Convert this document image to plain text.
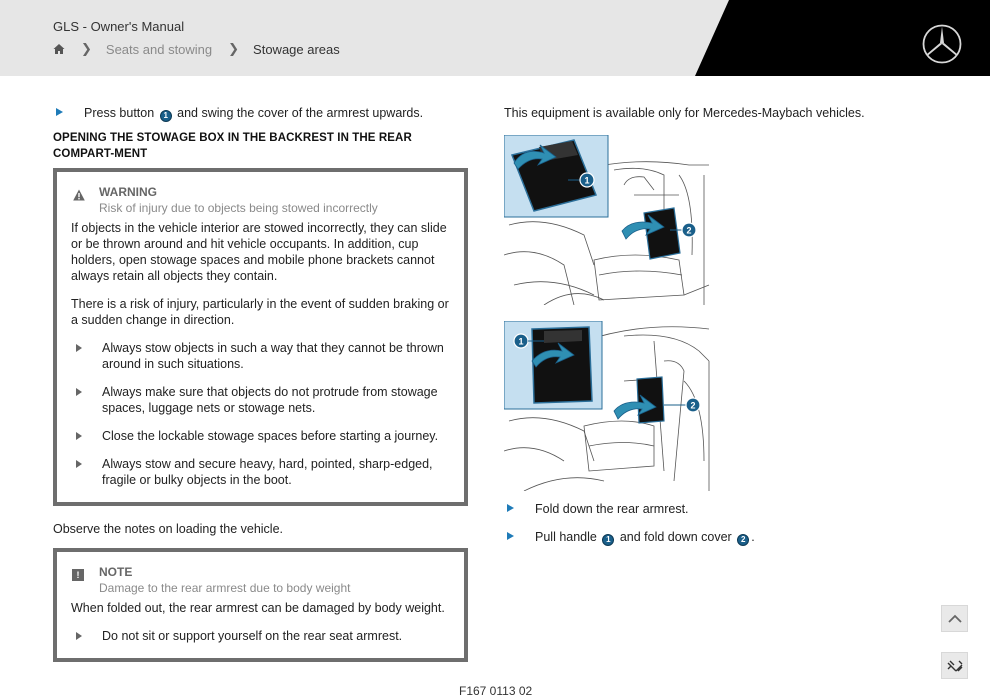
GLS - Owner's Manual
❯ Seats and stowing ❯ Stowage areas
Press button 1 and swing the cover of the armrest upwards.
OPENING THE STOWAGE BOX IN THE BACKREST IN THE REAR COMPART-MENT
WARNING
Risk of injury due to objects being stowed incorrectly
If objects in the vehicle interior are stowed incorrectly, they can slide or be thrown around and hit vehicle occupants. In addition, cup holders, open stowage spaces and mobile phone brackets cannot always retain all objects they contain.
There is a risk of injury, particularly in the event of sudden braking or a sudden change in direction.
Always stow objects in such a way that they cannot be thrown around in such situations.
Always make sure that objects do not protrude from stowage spaces, luggage nets or stowage nets.
Close the lockable stowage spaces before starting a journey.
Always stow and secure heavy, hard, pointed, sharp-edged, fragile or bulky objects in the boot.
Observe the notes on loading the vehicle.
!	NOTE
Damage to the rear armrest due to body weight
When folded out, the rear armrest can be damaged by body weight.
Do not sit or support yourself on the rear seat armrest.
This equipment is available only for Mercedes-Maybach vehicles.
1
2
1
2
Fold down the rear armrest.
Pull handle 1 and fold down cover 2 .
F167 0113 02
